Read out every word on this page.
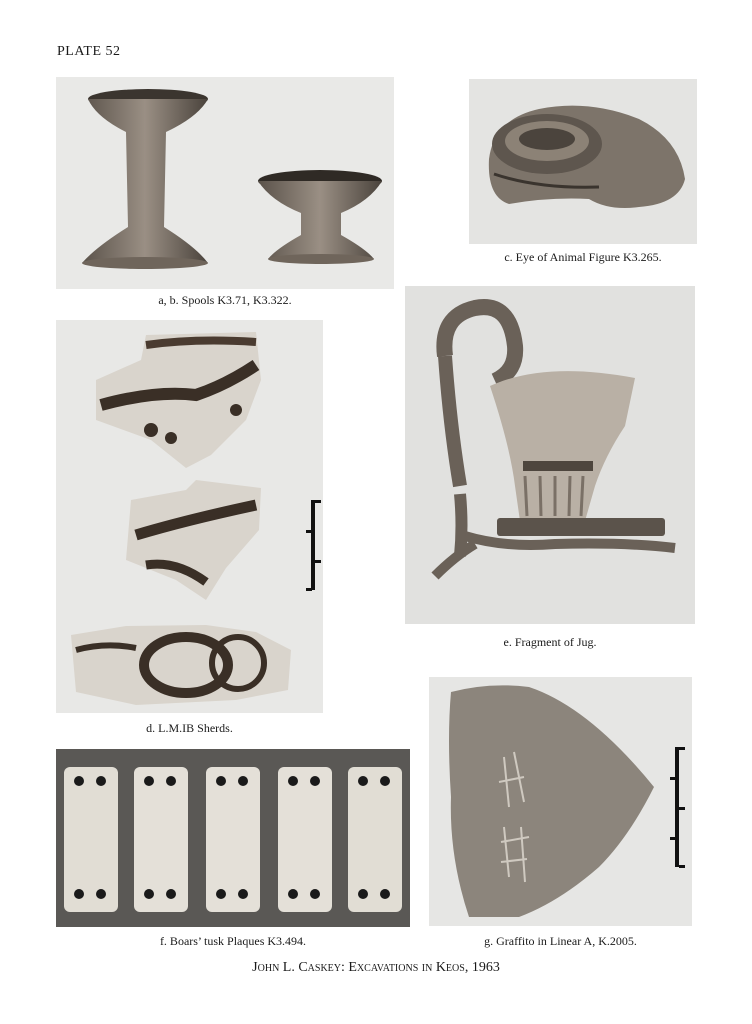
PLATE 52
a, b. Spools K3.71, K3.322.
c. Eye of Animal Figure K3.265.
d. L.M.IB Sherds.
e. Fragment of Jug.
f. Boars’ tusk Plaques K3.494.	g. Graffito in Linear A, K.2005.
John L. Caskey: Excavations in Keos, 1963
